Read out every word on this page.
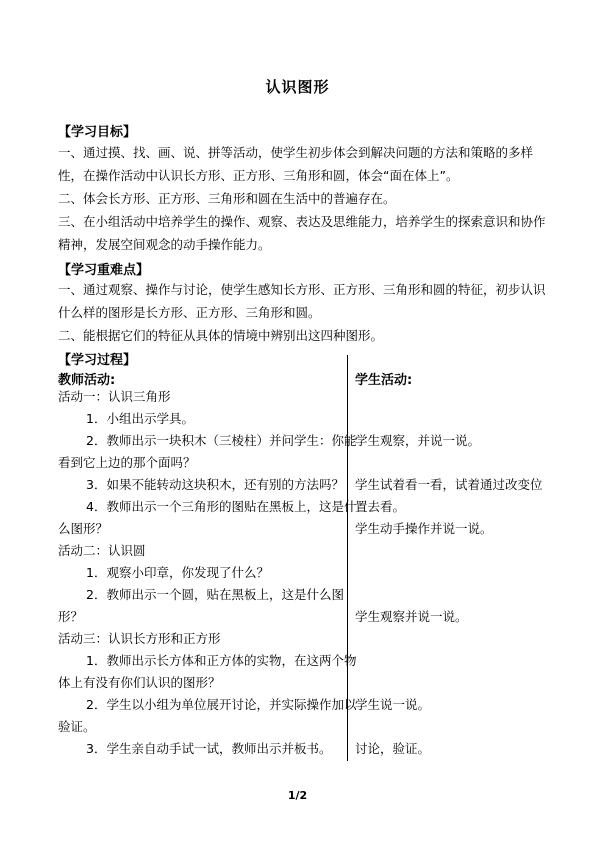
认识图形
【学习目标】
一、通过摸、找、画、说、拼等活动，使学生初步体会到解决问题的方法和策略的多样
性，在操作活动中认识长方形、正方形、三角形和圆，体会“面在体上”。
二、体会长方形、正方形、三角形和圆在生活中的普遍存在。
三、在小组活动中培养学生的操作、观察、表达及思维能力，培养学生的探索意识和协作
精神，发展空间观念的动手操作能力。
【学习重难点】
一、通过观察、操作与讨论，使学生感知长方形、正方形、三角形和圆的特征，初步认识
什么样的图形是长方形、正方形、三角形和圆。
二、能根据它们的特征从具体的情境中辨别出这四种图形。
【学习过程】
教师活动:	学生活动:
活动一：认识三角形
1．小组出示学具。
2．教师出示一块积木（三棱柱）并问学生：你能
看到它上边的那个面吗？
3．如果不能转动这块积木，还有别的方法吗？
4．教师出示一个三角形的图贴在黑板上，这是什
么图形？
活动二：认识圆
1．观察小印章，你发现了什么？
2．教师出示一个圆，贴在黑板上，这是什么图
形？
活动三：认识长方形和正方形
1．教师出示长方体和正方体的实物，在这两个物
体上有没有你们认识的图形？
2．学生以小组为单位展开讨论，并实际操作加以
验证。
3．学生亲自动手试一试，教师出示并板书。
学生观察，并说一说。
学生试着看一看，试着通过改变位
置去看。
学生动手操作并说一说。
学生观察并说一说。
学生说一说。
讨论，验证。
1/2
